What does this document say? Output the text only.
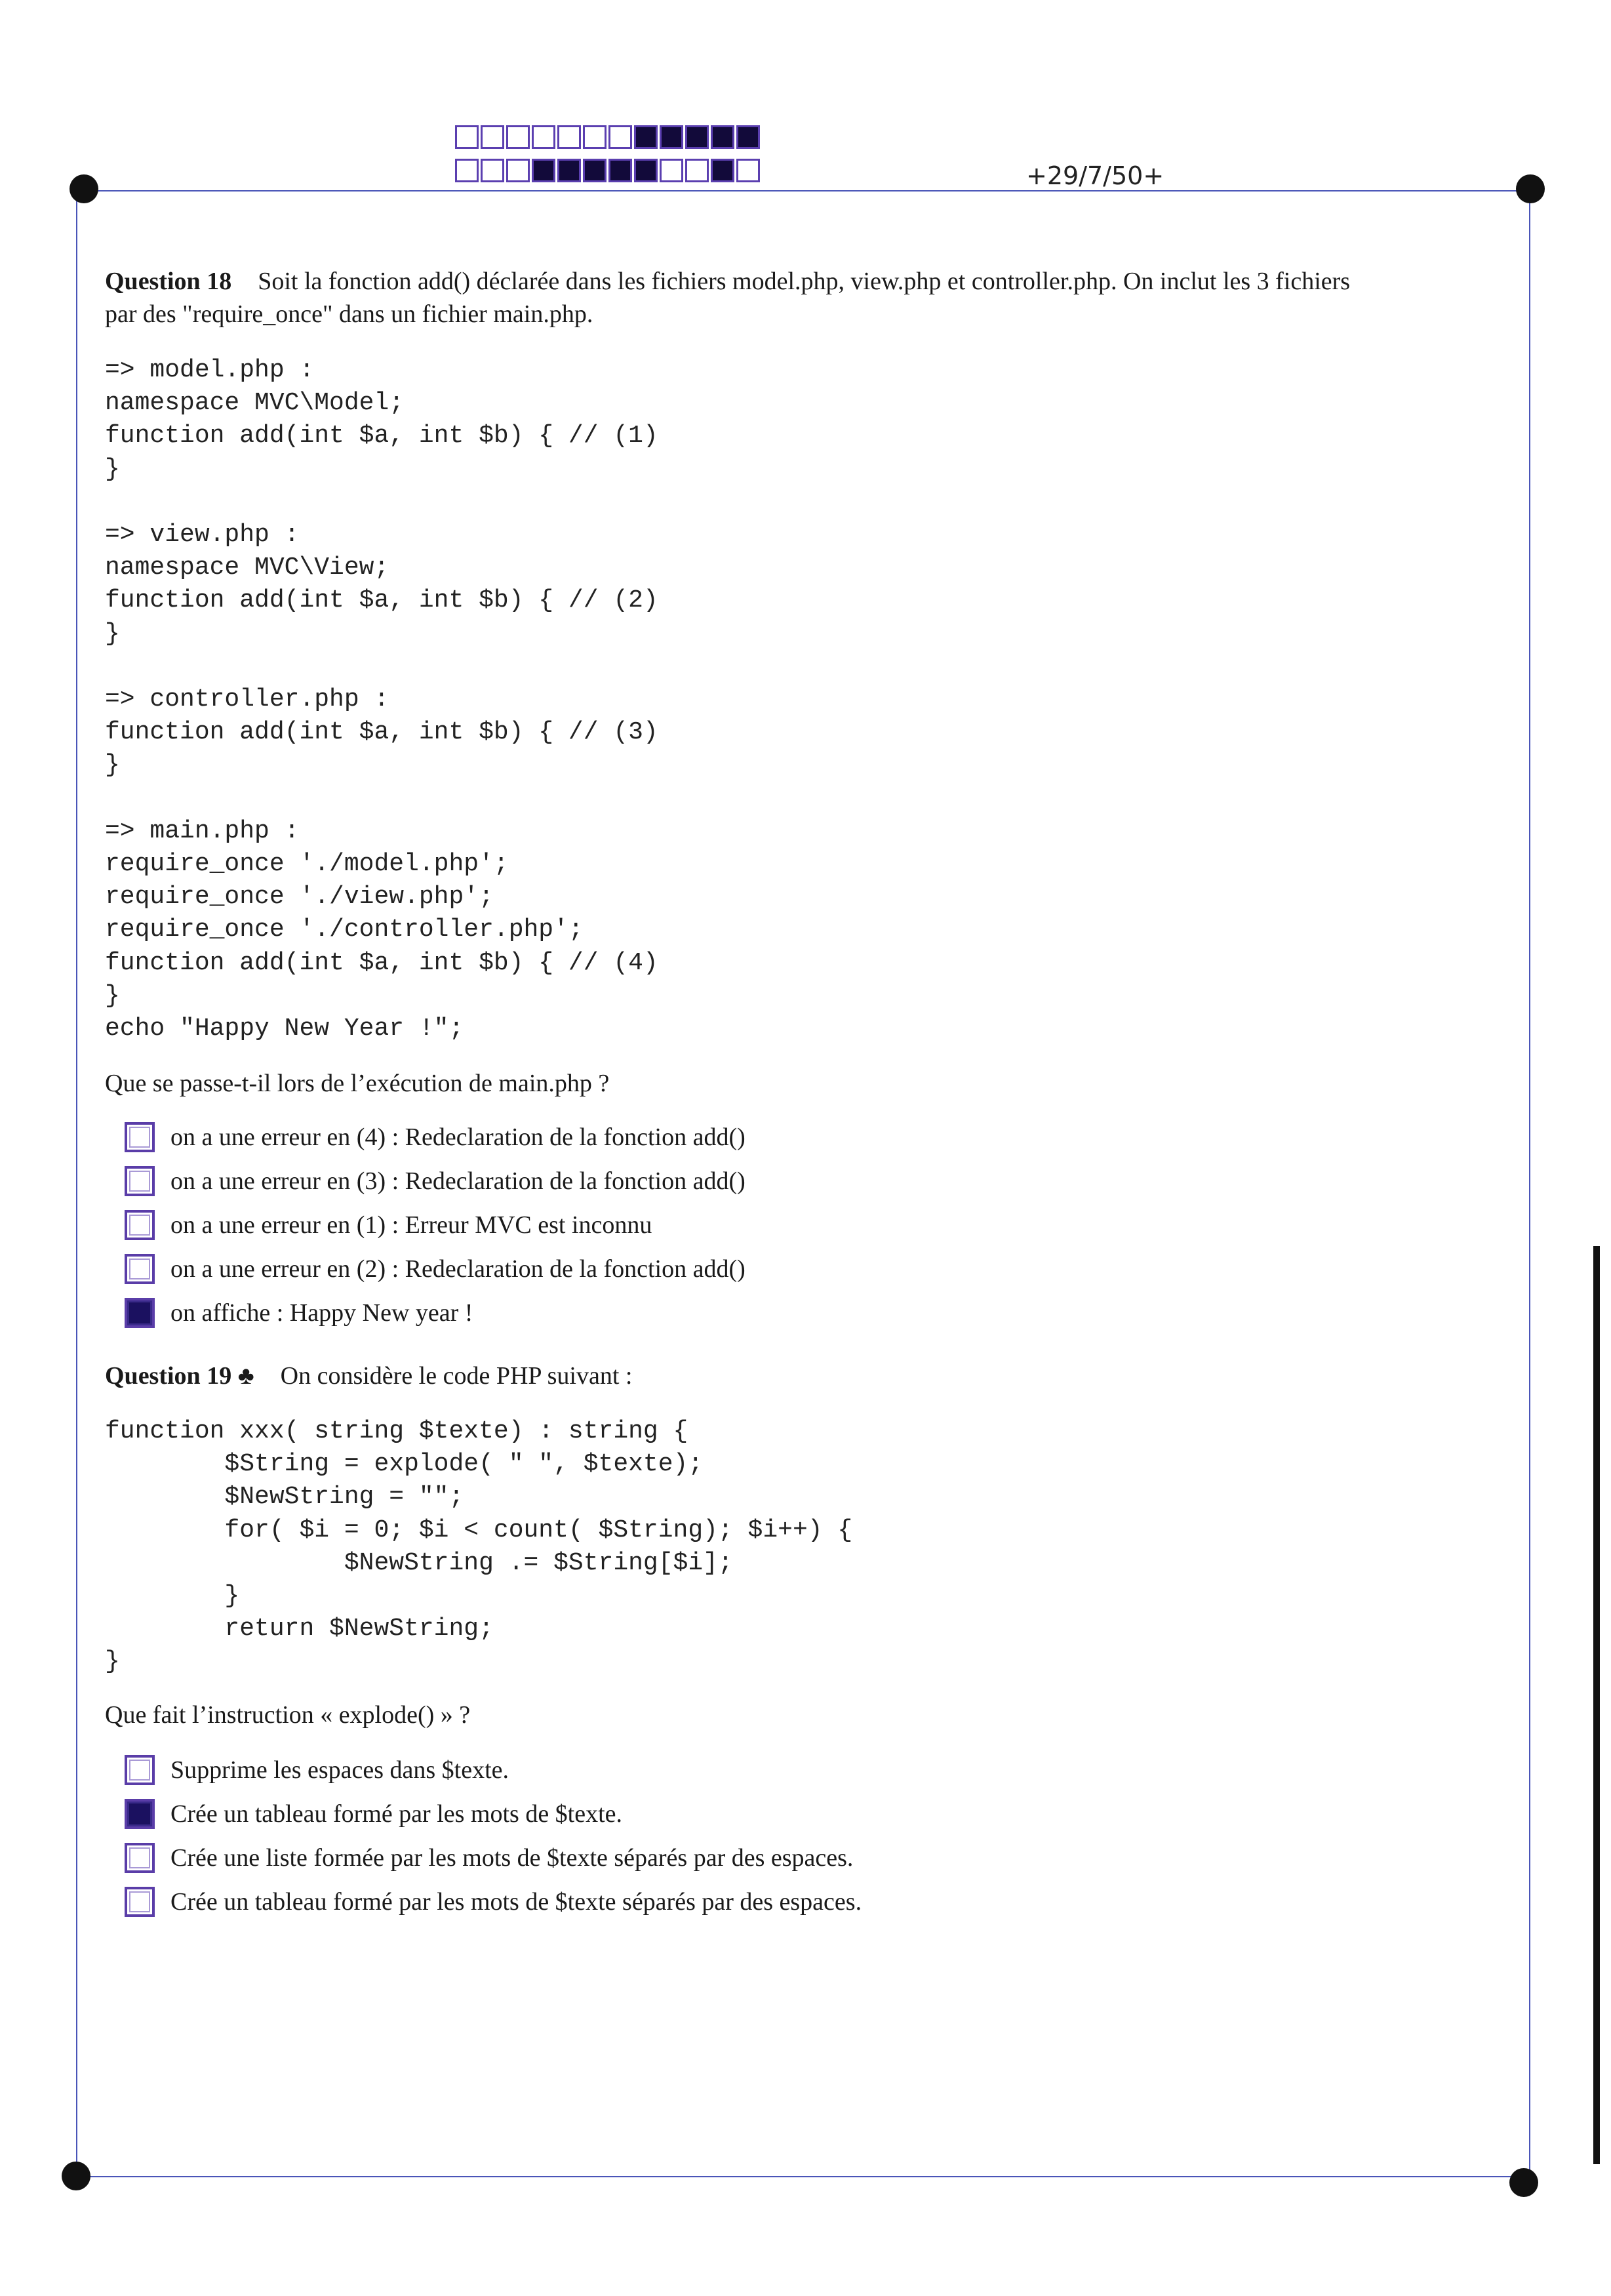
+29/7/50+
Question 18 Soit la fonction add() déclarée dans les fichiers model.php, view.php et controller.php. On inclut les 3 fichiers
par des "require_once" dans un fichier main.php.
=> model.php :
namespace MVC\Model;
function add(int $a, int $b) { // (1)
}

=> view.php :
namespace MVC\View;
function add(int $a, int $b) { // (2)
}

=> controller.php :
function add(int $a, int $b) { // (3)
}

=> main.php :
require_once './model.php';
require_once './view.php';
require_once './controller.php';
function add(int $a, int $b) { // (4)
}
echo "Happy New Year !";
Que se passe-t-il lors de l’exécution de main.php ?
on a une erreur en (4) : Redeclaration de la fonction add()
on a une erreur en (3) : Redeclaration de la fonction add()
on a une erreur en (1) : Erreur MVC est inconnu
on a une erreur en (2) : Redeclaration de la fonction add()
on affiche : Happy New year !
Question 19 ♣ On considère le code PHP suivant :
function xxx( string $texte) : string {
$String = explode( " ", $texte);
$NewString = "";
for( $i = 0; $i < count( $String); $i++) {
$NewString .= $String[$i];
}
return $NewString;
}
Que fait l’instruction « explode() » ?
Supprime les espaces dans $texte.
Crée un tableau formé par les mots de $texte.
Crée une liste formée par les mots de $texte séparés par des espaces.
Crée un tableau formé par les mots de $texte séparés par des espaces.
